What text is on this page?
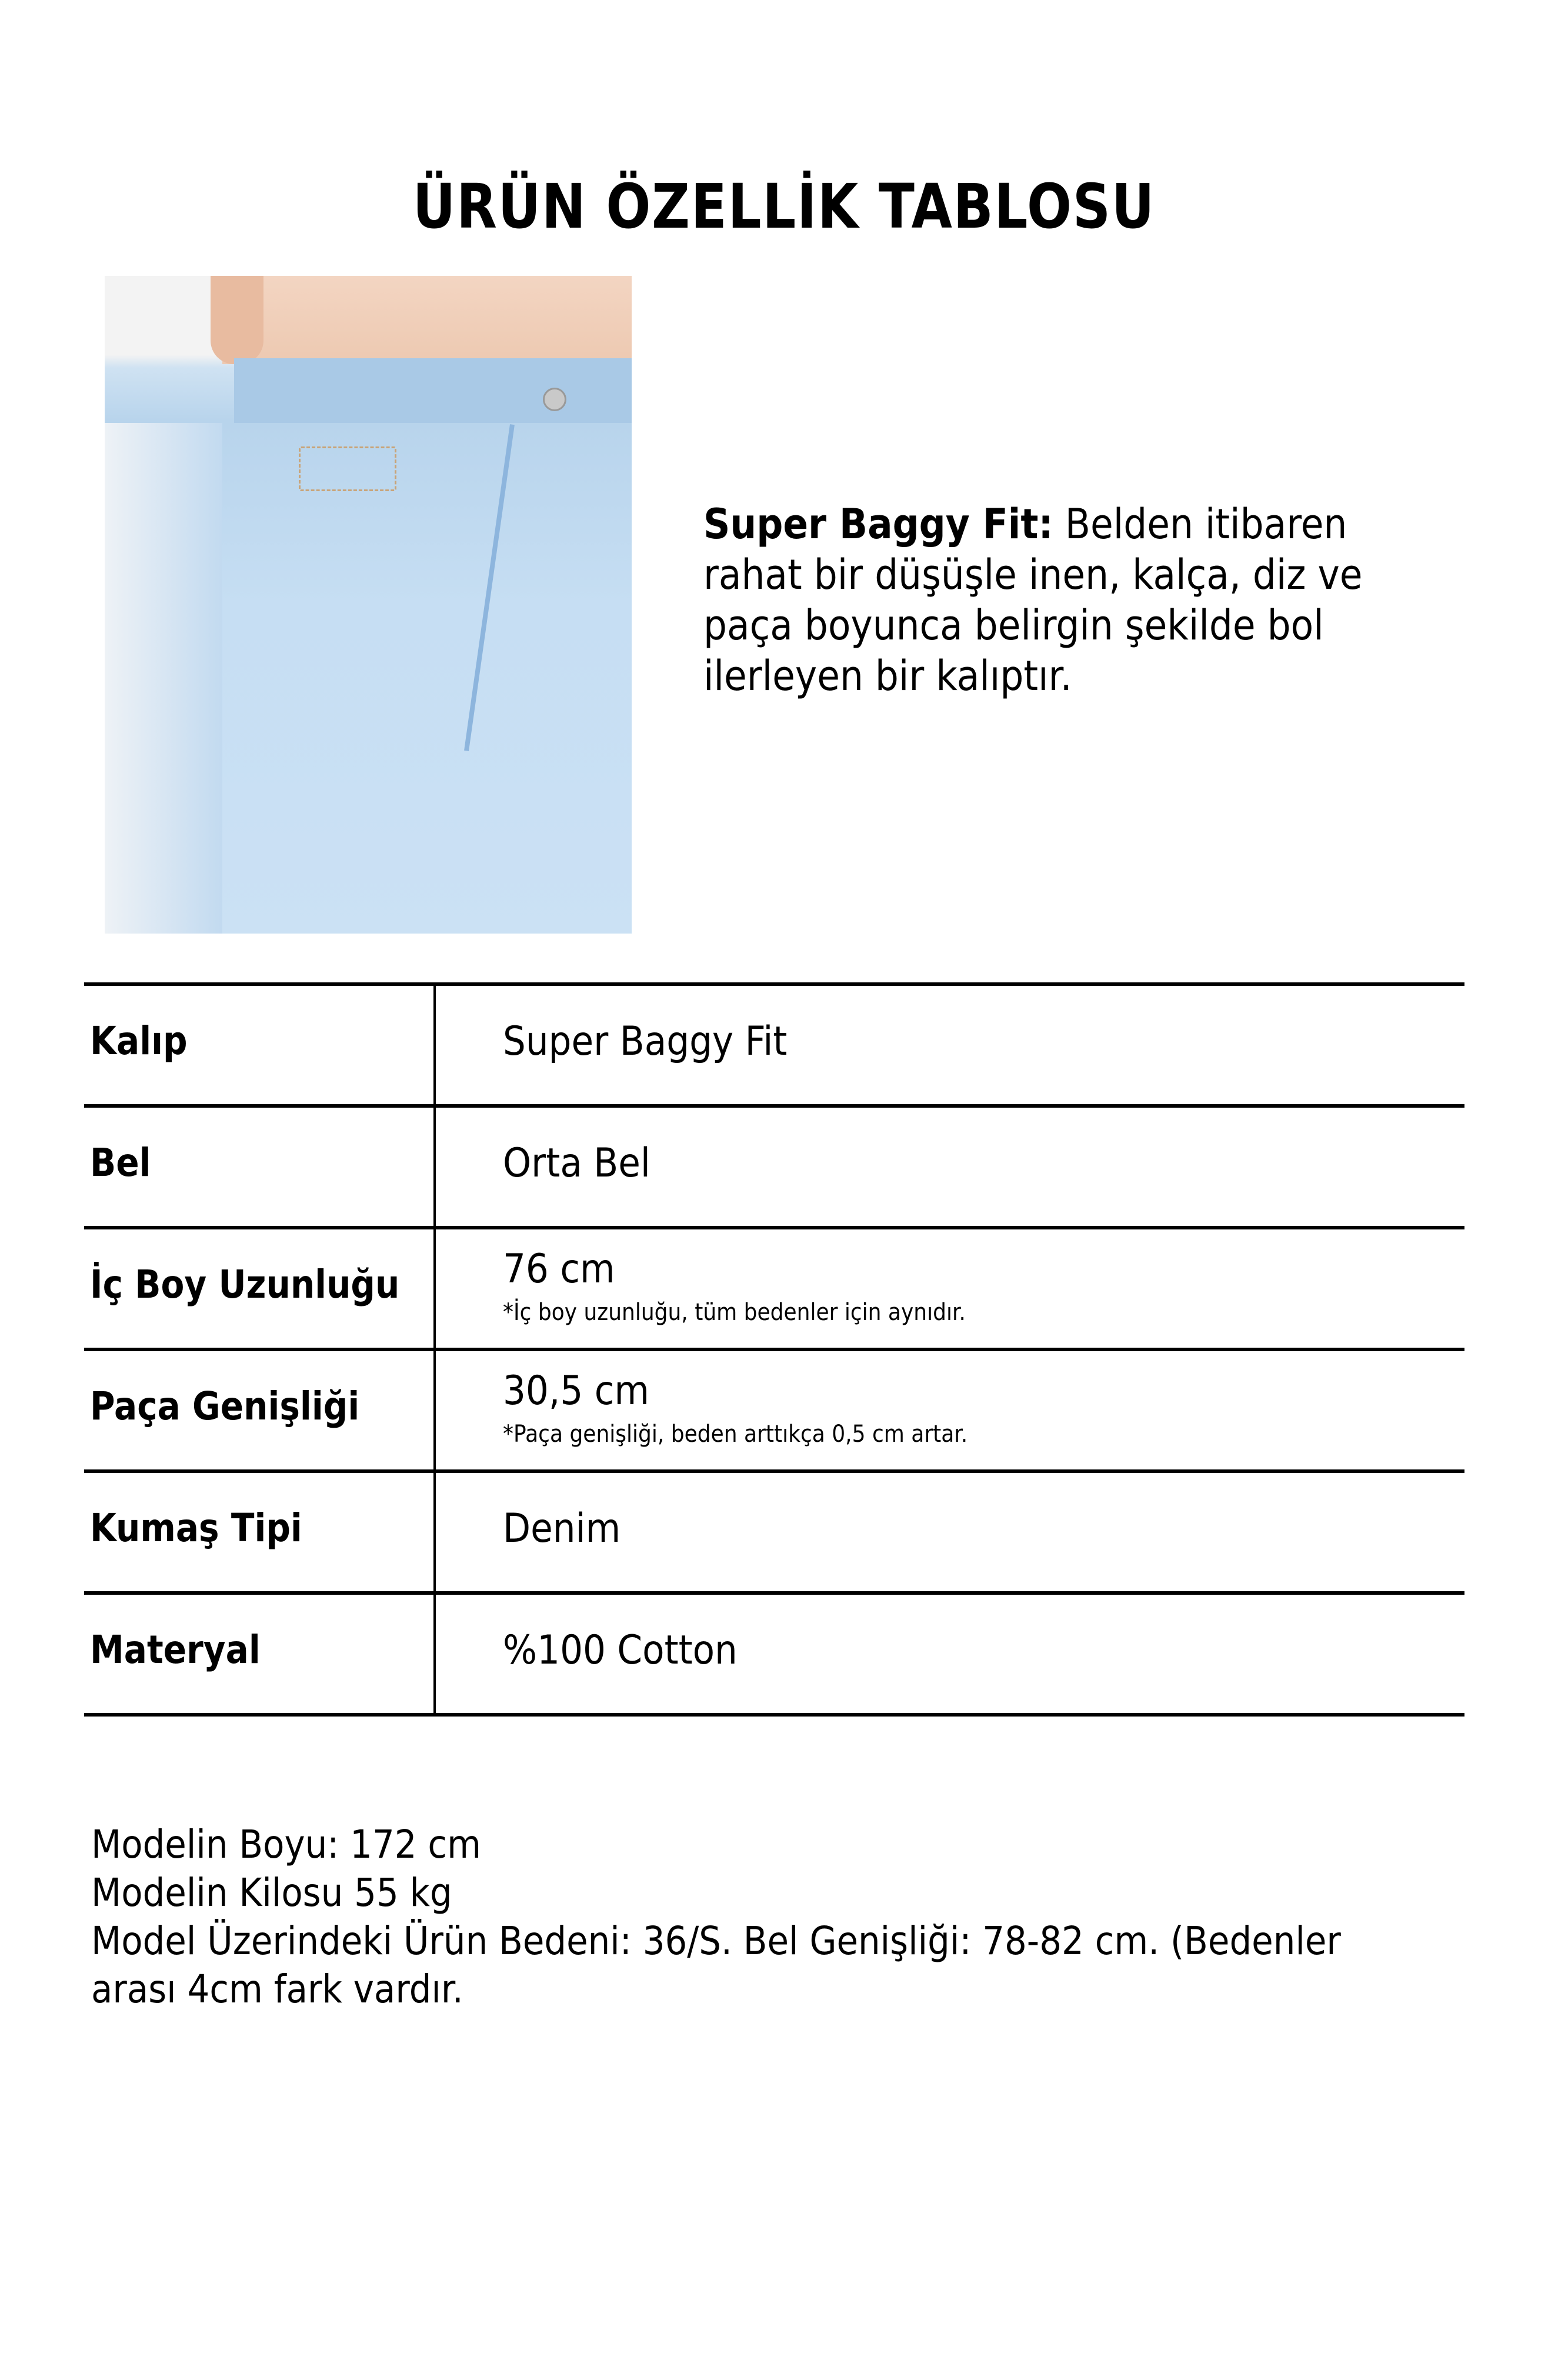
ÜRÜN ÖZELLİK TABLOSU
Super Baggy Fit: Belden itibaren rahat bir düşüşle inen, kalça, diz ve paça boyunca belirgin şekilde bol ilerleyen bir kalıptır.
Kalıp	Super Baggy Fit
Bel	Orta Bel
İç Boy Uzunluğu	76 cm
*İç boy uzunluğu, tüm bedenler için aynıdır.
Paça Genişliği	30,5 cm
*Paça genişliği, beden arttıkça 0,5 cm artar.
Kumaş Tipi	Denim
Materyal	%100 Cotton
Modelin Boyu: 172 cm
Modelin Kilosu 55 kg
Model Üzerindeki Ürün Bedeni: 36/S. Bel Genişliği: 78-82 cm. (Bedenler
arası 4cm fark vardır.
